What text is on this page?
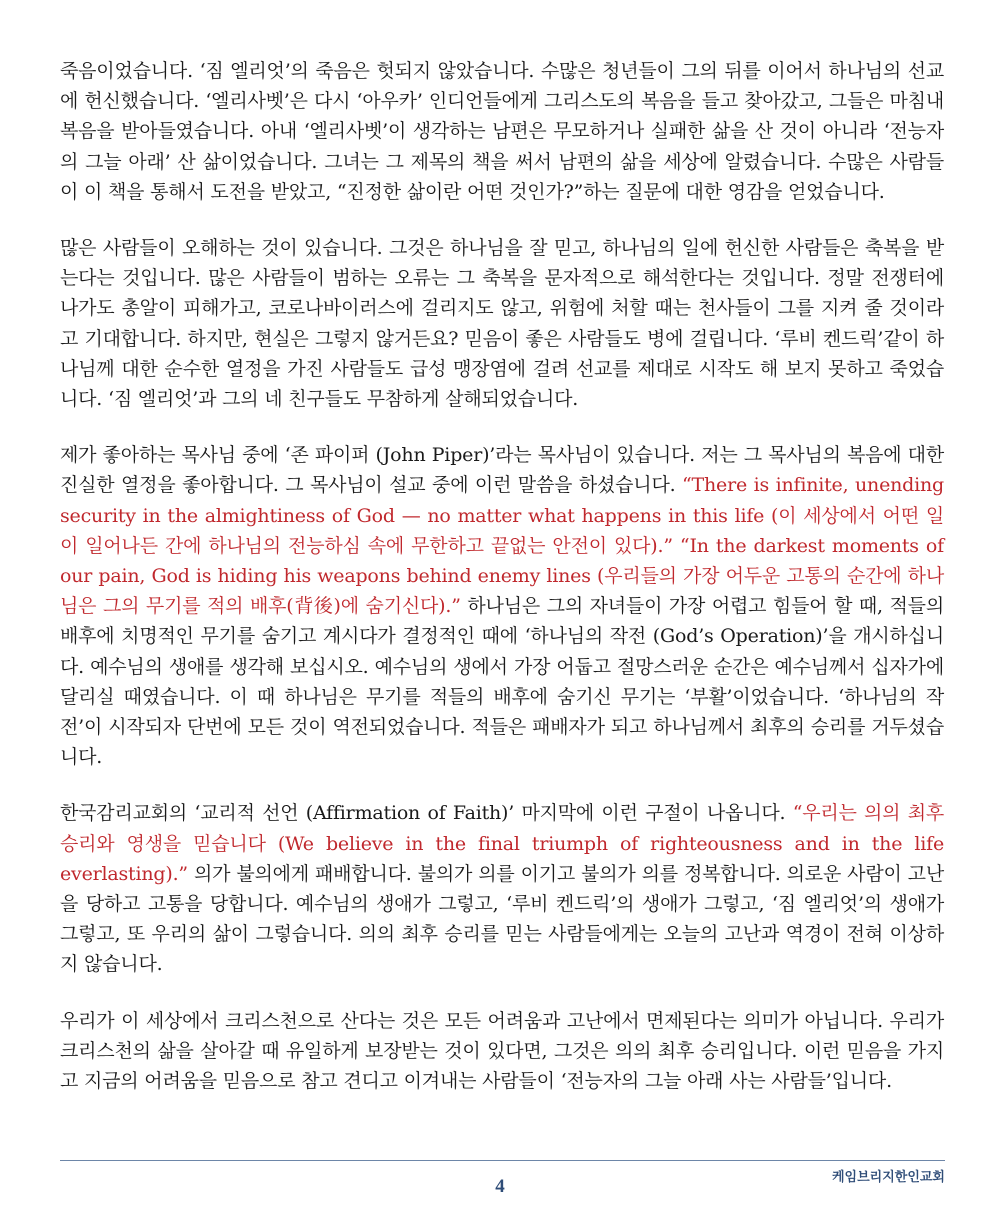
죽음이었습니다. ‘짐 엘리엇’의 죽음은 헛되지 않았습니다. 수많은 청년들이 그의 뒤를 이어서 하나님의 선교에 헌신했습니다. ‘엘리사벳’은 다시 ‘아우카’ 인디언들에게 그리스도의 복음을 들고 찾아갔고, 그들은 마침내 복음을 받아들였습니다. 아내 ‘엘리사벳’이 생각하는 남편은 무모하거나 실패한 삶을 산 것이 아니라 ‘전능자의 그늘 아래’ 산 삶이었습니다. 그녀는 그 제목의 책을 써서 남편의 삶을 세상에 알렸습니다. 수많은 사람들이 이 책을 통해서 도전을 받았고, “진정한 삶이란 어떤 것인가?”하는 질문에 대한 영감을 얻었습니다.

많은 사람들이 오해하는 것이 있습니다. 그것은 하나님을 잘 믿고, 하나님의 일에 헌신한 사람들은 축복을 받는다는 것입니다. 많은 사람들이 범하는 오류는 그 축복을 문자적으로 해석한다는 것입니다. 정말 전쟁터에 나가도 총알이 피해가고, 코로나바이러스에 걸리지도 않고, 위험에 처할 때는 천사들이 그를 지켜 줄 것이라고 기대합니다. 하지만, 현실은 그렇지 않거든요? 믿음이 좋은 사람들도 병에 걸립니다. ‘루비 켄드릭’같이 하나님께 대한 순수한 열정을 가진 사람들도 급성 맹장염에 걸려 선교를 제대로 시작도 해 보지 못하고 죽었습니다. ‘짐 엘리엇’과 그의 네 친구들도 무참하게 살해되었습니다.

제가 좋아하는 목사님 중에 ‘존 파이퍼 (John Piper)’라는 목사님이 있습니다. 저는 그 목사님의 복음에 대한 진실한 열정을 좋아합니다. 그 목사님이 설교 중에 이런 말씀을 하셨습니다. “There is infinite, unending security in the almightiness of God — no matter what happens in this life (이 세상에서 어떤 일이 일어나든 간에 하나님의 전능하심 속에 무한하고 끝없는 안전이 있다).” “In the darkest moments of our pain, God is hiding his weapons behind enemy lines (우리들의 가장 어두운 고통의 순간에 하나님은 그의 무기를 적의 배후(背後)에 숨기신다).” 하나님은 그의 자녀들이 가장 어렵고 힘들어 할 때, 적들의 배후에 치명적인 무기를 숨기고 계시다가 결정적인 때에 ‘하나님의 작전 (God’s Operation)’을 개시하십니다. 예수님의 생애를 생각해 보십시오. 예수님의 생에서 가장 어둡고 절망스러운 순간은 예수님께서 십자가에 달리실 때였습니다. 이 때 하나님은 무기를 적들의 배후에 숨기신 무기는 ‘부활’이었습니다. ‘하나님의 작전’이 시작되자 단번에 모든 것이 역전되었습니다. 적들은 패배자가 되고 하나님께서 최후의 승리를 거두셨습니다.

한국감리교회의 ‘교리적 선언 (Affirmation of Faith)’ 마지막에 이런 구절이 나옵니다. “우리는 의의 최후 승리와 영생을 믿습니다 (We believe in the final triumph of righteousness and in the life everlasting).” 의가 불의에게 패배합니다. 불의가 의를 이기고 불의가 의를 정복합니다. 의로운 사람이 고난을 당하고 고통을 당합니다. 예수님의 생애가 그렇고, ‘루비 켄드릭’의 생애가 그렇고, ‘짐 엘리엇’의 생애가 그렇고, 또 우리의 삶이 그렇습니다. 의의 최후 승리를 믿는 사람들에게는 오늘의 고난과 역경이 전혀 이상하지 않습니다.

우리가 이 세상에서 크리스천으로 산다는 것은 모든 어려움과 고난에서 면제된다는 의미가 아닙니다. 우리가 크리스천의 삶을 살아갈 때 유일하게 보장받는 것이 있다면, 그것은 의의 최후 승리입니다. 이런 믿음을 가지고 지금의 어려움을 믿음으로 참고 견디고 이겨내는 사람들이 ‘전능자의 그늘 아래 사는 사람들’입니다.

케임브리지한인교회
4
